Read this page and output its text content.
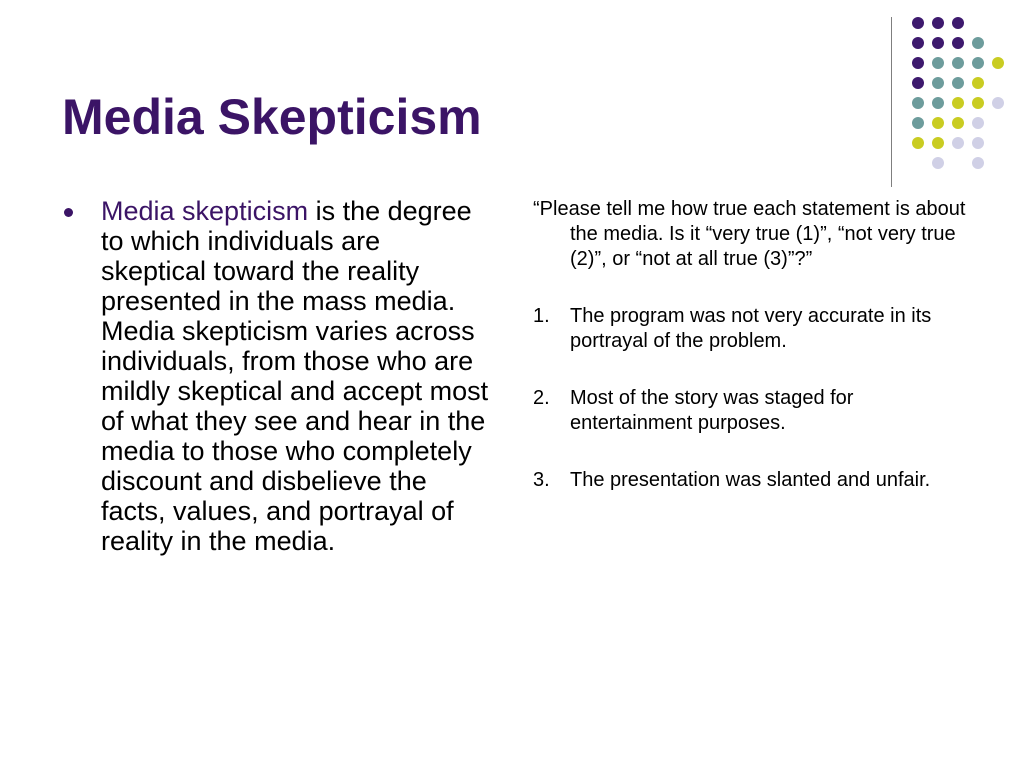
Media Skepticism

Media skepticism is the degree to which individuals are skeptical toward the reality presented in the mass media. Media skepticism varies across individuals, from those who are mildly skeptical and accept most of what they see and hear in the media to those who completely discount and disbelieve the facts, values, and portrayal of reality in the media.

“Please tell me how true each statement is about the media. Is it “very true (1)”, “not very true (2)”, or “not at all true (3)”?”

1. The program was not very accurate in its portrayal of the problem.
2. Most of the story was staged for entertainment purposes.
3. The presentation was slanted and unfair.
